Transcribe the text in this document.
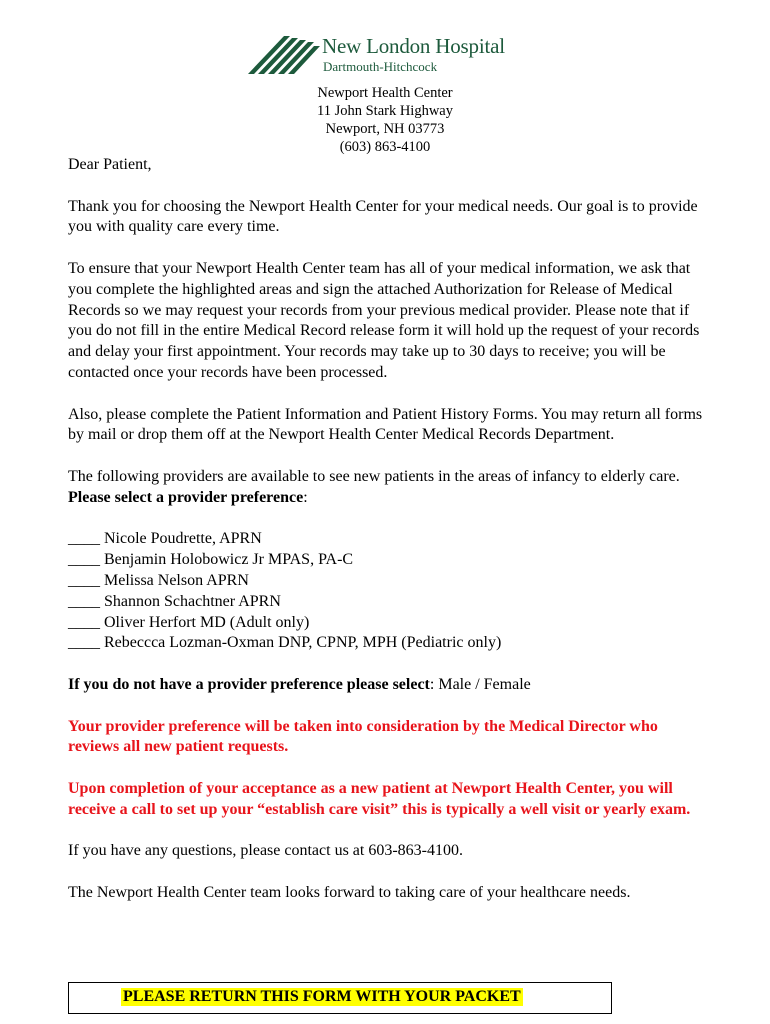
New London Hospital
Dartmouth-Hitchcock
Newport Health Center
11 John Stark Highway
Newport, NH 03773
(603) 863-4100

Dear Patient,

Thank you for choosing the Newport Health Center for your medical needs. Our goal is to provide you with quality care every time.

To ensure that your Newport Health Center team has all of your medical information, we ask that you complete the highlighted areas and sign the attached Authorization for Release of Medical Records so we may request your records from your previous medical provider. Please note that if you do not fill in the entire Medical Record release form it will hold up the request of your records and delay your first appointment. Your records may take up to 30 days to receive; you will be contacted once your records have been processed.

Also, please complete the Patient Information and Patient History Forms. You may return all forms by mail or drop them off at the Newport Health Center Medical Records Department.

The following providers are available to see new patients in the areas of infancy to elderly care. Please select a provider preference:

____ Nicole Poudrette, APRN
____ Benjamin Holobowicz Jr MPAS, PA-C
____ Melissa Nelson APRN
____ Shannon Schachtner APRN
____ Oliver Herfort MD (Adult only)
____ Rebeccca Lozman-Oxman DNP, CPNP, MPH (Pediatric only)

If you do not have a provider preference please select: Male / Female

Your provider preference will be taken into consideration by the Medical Director who reviews all new patient requests.

Upon completion of your acceptance as a new patient at Newport Health Center, you will receive a call to set up your “establish care visit” this is typically a well visit or yearly exam.

If you have any questions, please contact us at 603-863-4100.

The Newport Health Center team looks forward to taking care of your healthcare needs.

PLEASE RETURN THIS FORM WITH YOUR PACKET
